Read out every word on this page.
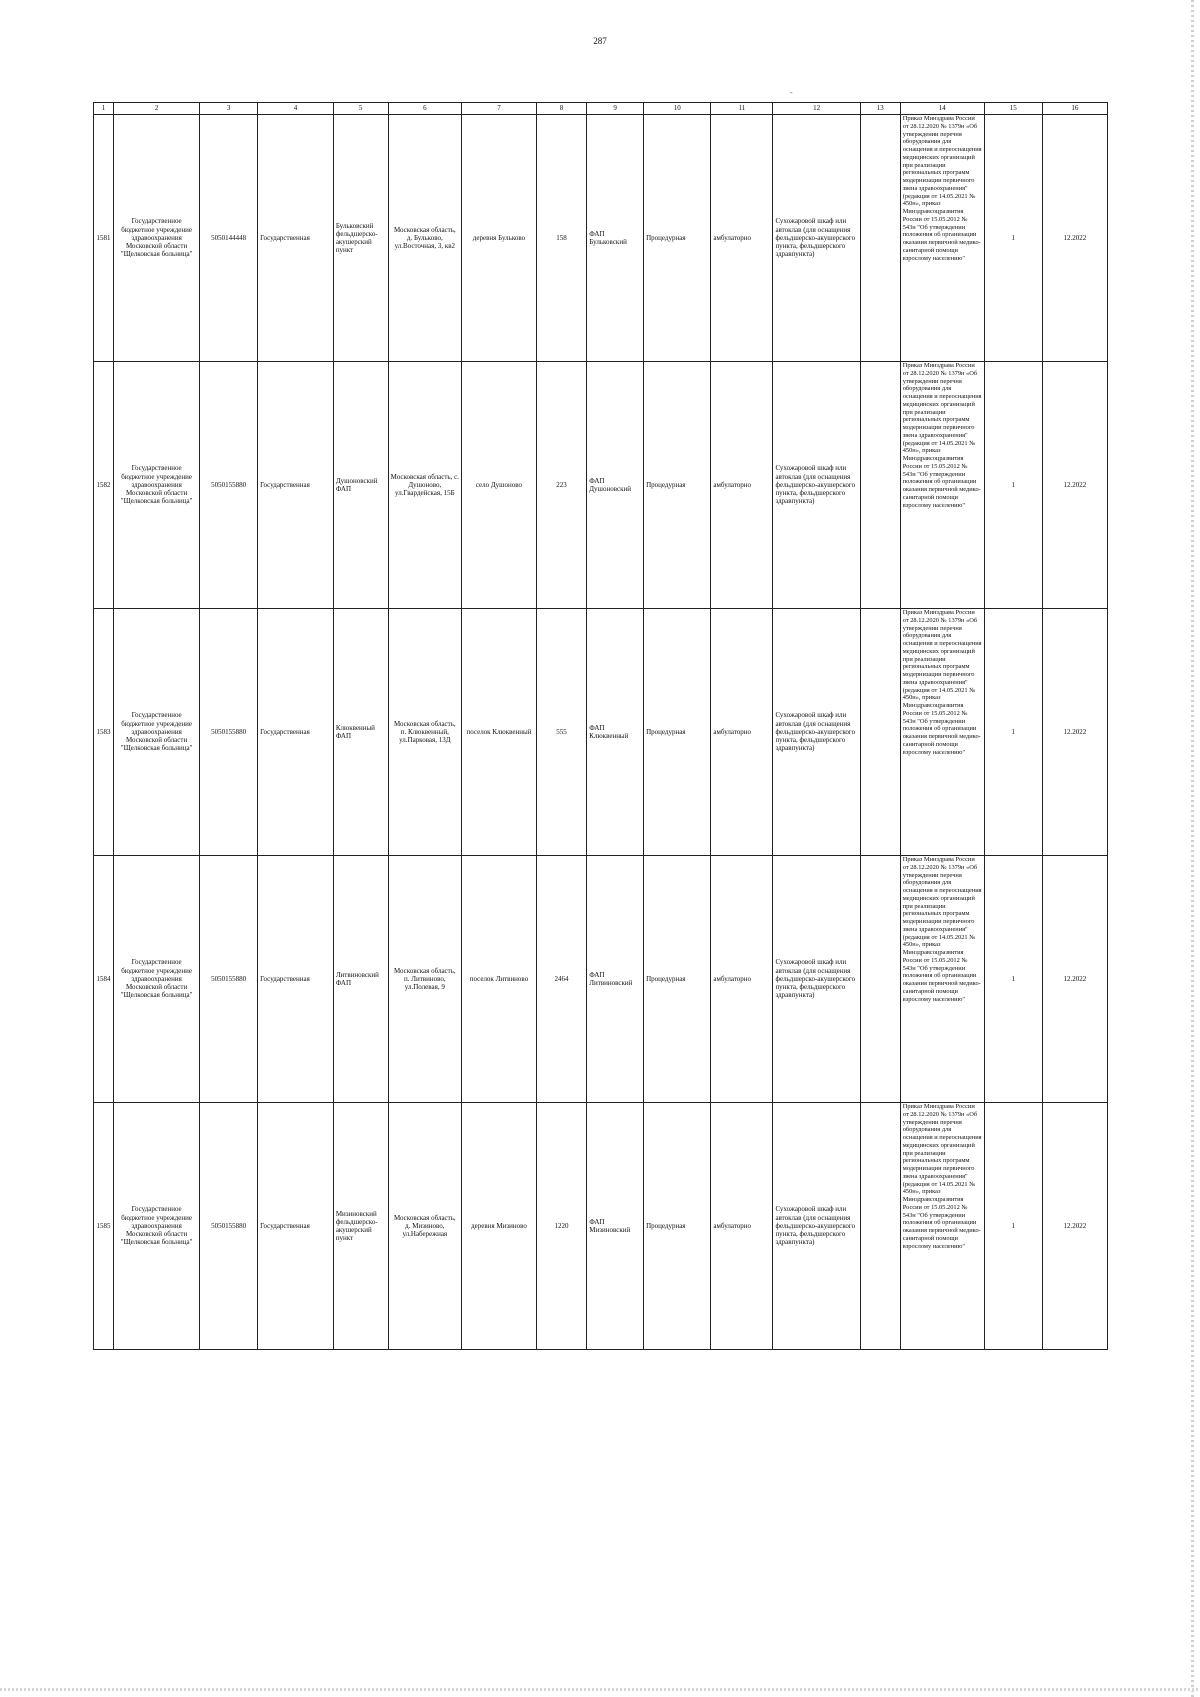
287
-
1	2	3	4	5	6	7	8	9	10	11	12	13	14	15	16
1581	Государственное бюджетное учреждение здравоохранения Московской области "Щелковская больница"	5050144448	Государственная	Бульковский фельдшерско-акушерский пункт	Московская область, д. Бульково, ул.Восточная, 3, кв2	деревня Бульково	158	ФАП Бульковский	Процедурная	амбулаторно	Сухожаровой шкаф или автоклав (для оснащения фельдшерско-акушерского пункта, фельдшерского здравпункта)		Приказ Минздрава России от 28.12.2020 № 1379н «Об утверждении перечня оборудования для оснащения и переоснащения медицинских организаций при реализации региональных программ модернизации первичного звена здравоохранения"(редакция от 14.05.2021 № 450н», приказ Минздравсоцразвития России от 15.05.2012 № 543н "Об утверждении положения об организации оказания первичной медико-санитарной помощи взрослому населению"	1	12.2022
1582	Государственное бюджетное учреждение здравоохранения Московской области "Щелковская больница"	5050155880	Государственная	Душоновский ФАП	Московская область, с. Душоново, ул.Гвардейская, 15Б	село Душоново	223	ФАП Душоновский	Процедурная	амбулаторно	Сухожаровой шкаф или автоклав (для оснащения фельдшерско-акушерского пункта, фельдшерского здравпункта)		Приказ Минздрава России от 28.12.2020 № 1379н «Об утверждении перечня оборудования для оснащения и переоснащения медицинских организаций при реализации региональных программ модернизации первичного звена здравоохранения"(редакция от 14.05.2021 № 450н», приказ Минздравсоцразвития России от 15.05.2012 № 543н "Об утверждении положения об организации оказания первичной медико-санитарной помощи взрослому населению"	1	12.2022
1583	Государственное бюджетное учреждение здравоохранения Московской области "Щелковская больница"	5050155880	Государственная	Клюквенный ФАП	Московская область, п. Клюквенный, ул.Парковая, 13Д	поселок Клюквенный	555	ФАП Клюквенный	Процедурная	амбулаторно	Сухожаровой шкаф или автоклав (для оснащения фельдшерско-акушерского пункта, фельдшерского здравпункта)		Приказ Минздрава России от 28.12.2020 № 1379н «Об утверждении перечня оборудования для оснащения и переоснащения медицинских организаций при реализации региональных программ модернизации первичного звена здравоохранения"(редакция от 14.05.2021 № 450н», приказ Минздравсоцразвития России от 15.05.2012 № 543н "Об утверждении положения об организации оказания первичной медико-санитарной помощи взрослому населению"	1	12.2022
1584	Государственное бюджетное учреждение здравоохранения Московской области "Щелковская больница"	5050155880	Государственная	Литвиновский ФАП	Московская область, п. Литвиново, ул.Полевая, 9	поселок Литвиново	2464	ФАП Литвиновский	Процедурная	амбулаторно	Сухожаровой шкаф или автоклав (для оснащения фельдшерско-акушерского пункта, фельдшерского здравпункта)		Приказ Минздрава России от 28.12.2020 № 1379н «Об утверждении перечня оборудования для оснащения и переоснащения медицинских организаций при реализации региональных программ модернизации первичного звена здравоохранения"(редакция от 14.05.2021 № 450н», приказ Минздравсоцразвития России от 15.05.2012 № 543н "Об утверждении положения об организации оказания первичной медико-санитарной помощи взрослому населению"	1	12.2022
1585	Государственное бюджетное учреждение здравоохранения Московской области "Щелковская больница"	5050155880	Государственная	Мизиновский фельдшерско-акушерский пункт	Московская область, д. Мизиново, ул.Набережная	деревня Мизиново	1220	ФАП Мизиновский	Процедурная	амбулаторно	Сухожаровой шкаф или автоклав (для оснащения фельдшерско-акушерского пункта, фельдшерского здравпункта)		Приказ Минздрава России от 28.12.2020 № 1379н «Об утверждении перечня оборудования для оснащения и переоснащения медицинских организаций при реализации региональных программ модернизации первичного звена здравоохранения"(редакция от 14.05.2021 № 450н», приказ Минздравсоцразвития России от 15.05.2012 № 543н "Об утверждении положения об организации оказания первичной медико-санитарной помощи взрослому населению"	1	12.2022
